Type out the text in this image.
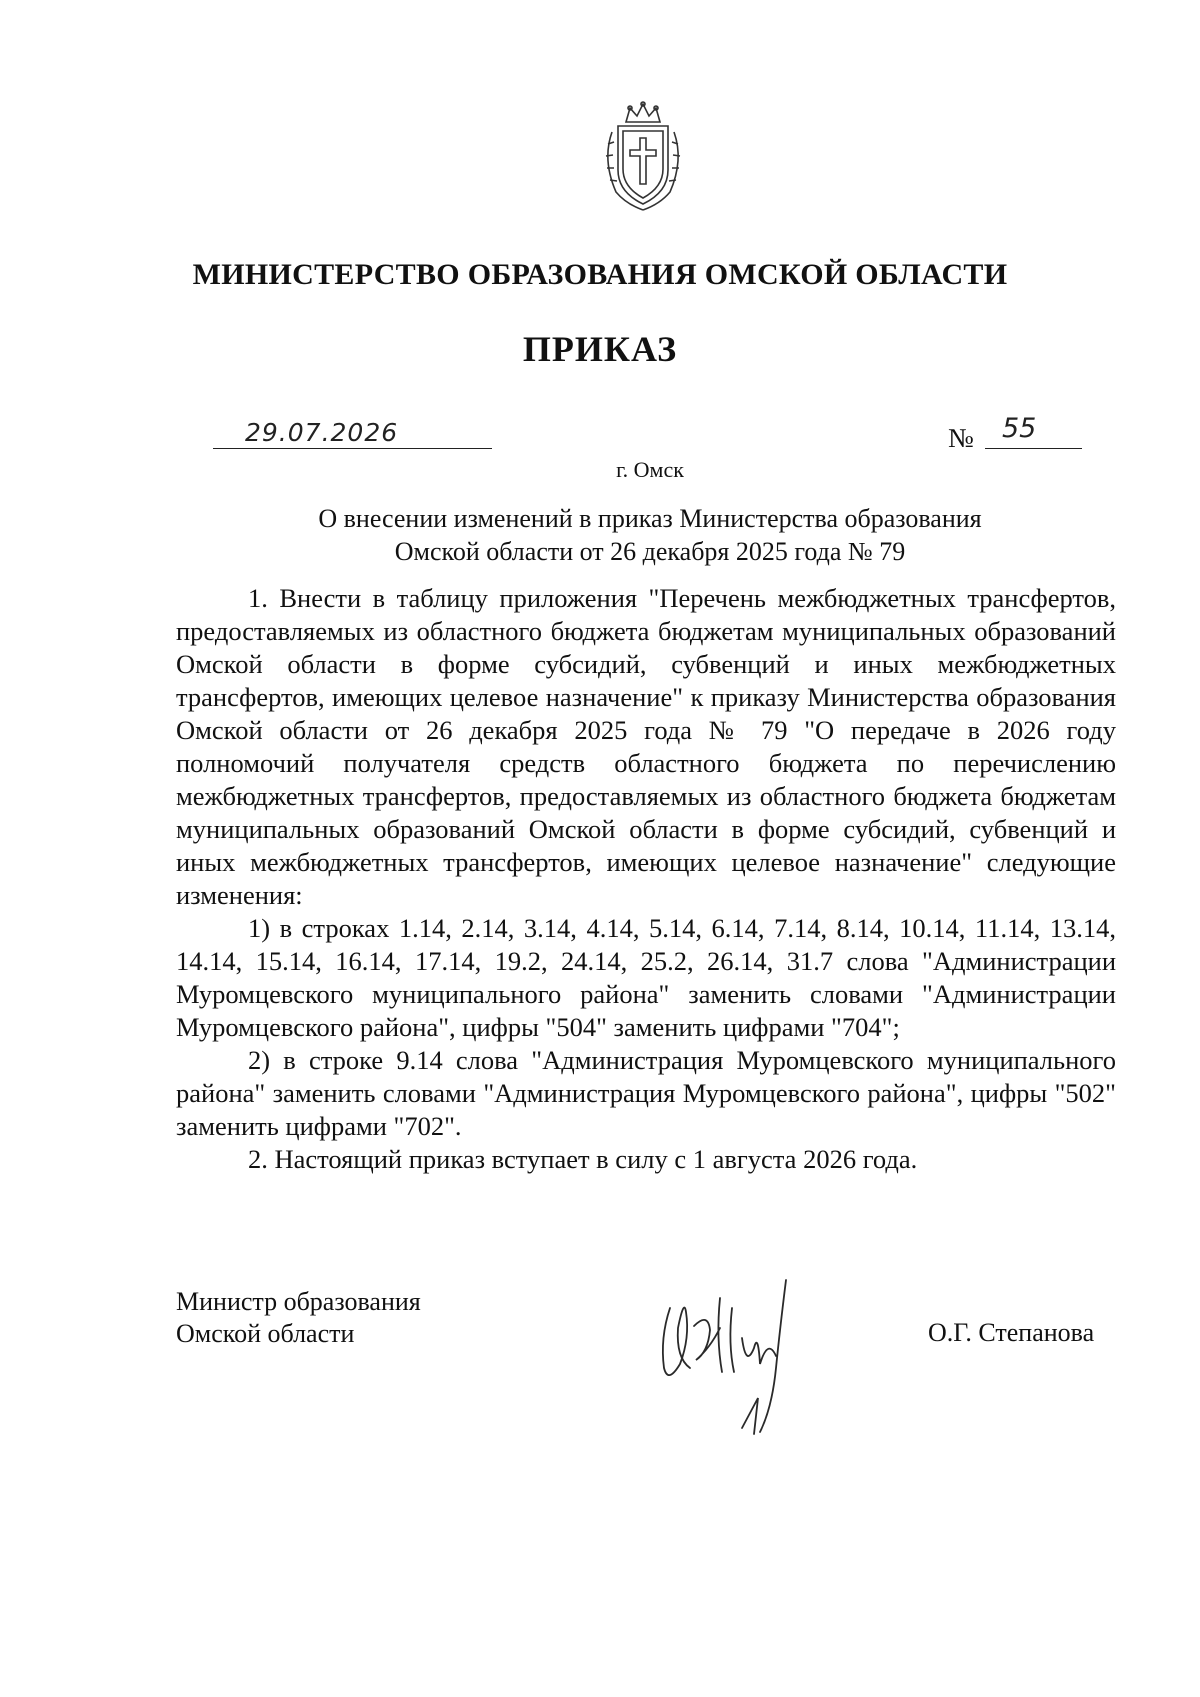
МИНИСТЕРСТВО ОБРАЗОВАНИЯ ОМСКОЙ ОБЛАСТИ
ПРИКАЗ
29.07.2026	№ 55
г. Омск
О внесении изменений в приказ Министерства образования
Омской области от 26 декабря 2025 года № 79

1. Внести в таблицу приложения "Перечень межбюджетных трансфертов, предоставляемых из областного бюджета бюджетам муниципальных образований Омской области в форме субсидий, субвенций и иных межбюджетных трансфертов, имеющих целевое назначение" к приказу Министерства образования Омской области от 26 декабря 2025 года № 79 "О передаче в 2026 году полномочий получателя средств областного бюджета по перечислению межбюджетных трансфертов, предоставляемых из областного бюджета бюджетам муниципальных образований Омской области в форме субсидий, субвенций и иных межбюджетных трансфертов, имеющих целевое назначение" следующие изменения:

1) в строках 1.14, 2.14, 3.14, 4.14, 5.14, 6.14, 7.14, 8.14, 10.14, 11.14, 13.14, 14.14, 15.14, 16.14, 17.14, 19.2, 24.14, 25.2, 26.14, 31.7 слова "Администрации Муромцевского муниципального района" заменить словами "Администрации Муромцевского района", цифры "504" заменить цифрами "704";

2) в строке 9.14 слова "Администрация Муромцевского муниципального района" заменить словами "Администрация Муромцевского района", цифры "502" заменить цифрами "702".

2. Настоящий приказ вступает в силу с 1 августа 2026 года.

Министр образования
Омской области	О.Г. Степанова
